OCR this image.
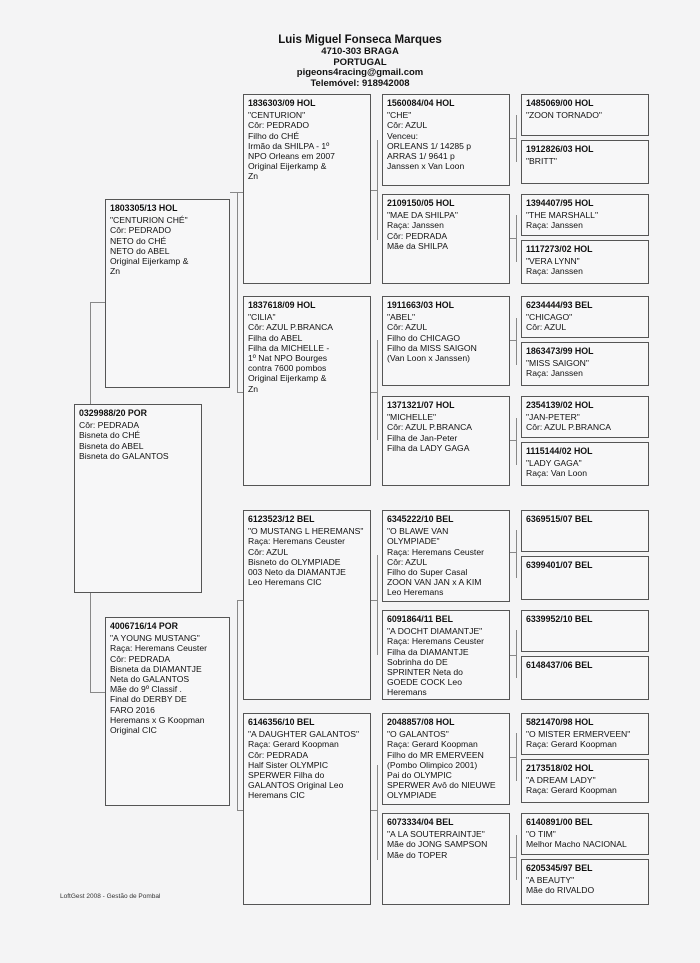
Luis Miguel Fonseca Marques
4710-303 BRAGA
PORTUGAL
pigeons4racing@gmail.com
Telemóvel: 918942008
0329988/20 POR
Côr: PEDRADA
Bisneta do CHÉ
Bisneta do ABEL
Bisneta do GALANTOS
1803305/13 HOL
"CENTURION CHÉ"
Côr: PEDRADO
NETO do CHÉ
NETO do ABEL
Original Eijerkamp &
Zn
4006716/14 POR
"A YOUNG MUSTANG"
Raça: Heremans Ceuster
Côr: PEDRADA
Bisneta da DIAMANTJE
Neta do GALANTOS
Mãe do 9º Classif .
Final do DERBY DE
FARO 2016
Heremans x G Koopman
Original CIC
1836303/09 HOL
"CENTURION"
Côr: PEDRADO
Filho do CHÉ
Irmão da SHILPA - 1º
NPO Orleans em 2007
Original Eijerkamp &
Zn
1837618/09 HOL
"CILIA"
Côr: AZUL P.BRANCA
Filha do ABEL
Filha da MICHELLE -
1º Nat NPO Bourges
contra 7600 pombos
Original Eijerkamp &
Zn
6123523/12 BEL
"O MUSTANG L HEREMANS"
Raça: Heremans Ceuster
Côr: AZUL
Bisneto do OLYMPIADE
003 Neto da DIAMANTJE
Leo Heremans CIC
6146356/10 BEL
"A DAUGHTER GALANTOS"
Raça: Gerard Koopman
Côr: PEDRADA
Half Sister OLYMPIC
SPERWER Filha do
GALANTOS Original Leo
Heremans CIC
1560084/04 HOL
"CHE"
Côr: AZUL
Venceu:
ORLEANS 1/ 14285 p
ARRAS 1/ 9641 p
Janssen x Van Loon
2109150/05 HOL
"MAE DA SHILPA"
Raça: Janssen
Côr: PEDRADA
Mãe da SHILPA
1911663/03 HOL
"ABEL"
Côr: AZUL
Filho do CHICAGO
Filho da MISS SAIGON
(Van Loon x Janssen)
1371321/07 HOL
"MICHELLE"
Côr: AZUL P.BRANCA
Filha de Jan-Peter
Filha da LADY GAGA
6345222/10 BEL
"O BLAWE VAN
OLYMPIADE"
Raça: Heremans Ceuster
Côr: AZUL
Filho do Super Casal
ZOON VAN JAN x A KIM
Leo Heremans
6091864/11 BEL
"A DOCHT DIAMANTJE"
Raça: Heremans Ceuster
Filha da DIAMANTJE
Sobrinha do DE
SPRINTER Neta do
GOEDE COCK Leo
Heremans
2048857/08 HOL
"O GALANTOS"
Raça: Gerard Koopman
Filho do MR EMERVEEN
(Pombo Olimpico 2001)
Pai do OLYMPIC
SPERWER Avô do NIEUWE
OLYMPIADE
6073334/04 BEL
"A LA SOUTERRAINTJE"
Mãe do JONG SAMPSON
Mãe do TOPER
1485069/00 HOL
"ZOON TORNADO"
1912826/03 HOL
"BRITT"
1394407/95 HOL
"THE MARSHALL"
Raça: Janssen
1117273/02 HOL
"VERA LYNN"
Raça: Janssen
6234444/93 BEL
"CHICAGO"
Côr: AZUL
1863473/99 HOL
"MISS SAIGON"
Raça: Janssen
2354139/02 HOL
"JAN-PETER"
Côr: AZUL P.BRANCA
1115144/02 HOL
"LADY GAGA"
Raça: Van Loon
6369515/07 BEL
6399401/07 BEL
6339952/10 BEL
6148437/06 BEL
5821470/98 HOL
"O MISTER ERMERVEEN"
Raça: Gerard Koopman
2173518/02 HOL
"A DREAM LADY"
Raça: Gerard Koopman
6140891/00 BEL
"O TIM"
Melhor Macho NACIONAL
6205345/97 BEL
"A BEAUTY"
Mãe do RIVALDO
LoftGest 2008 - Gestão de Pombal
